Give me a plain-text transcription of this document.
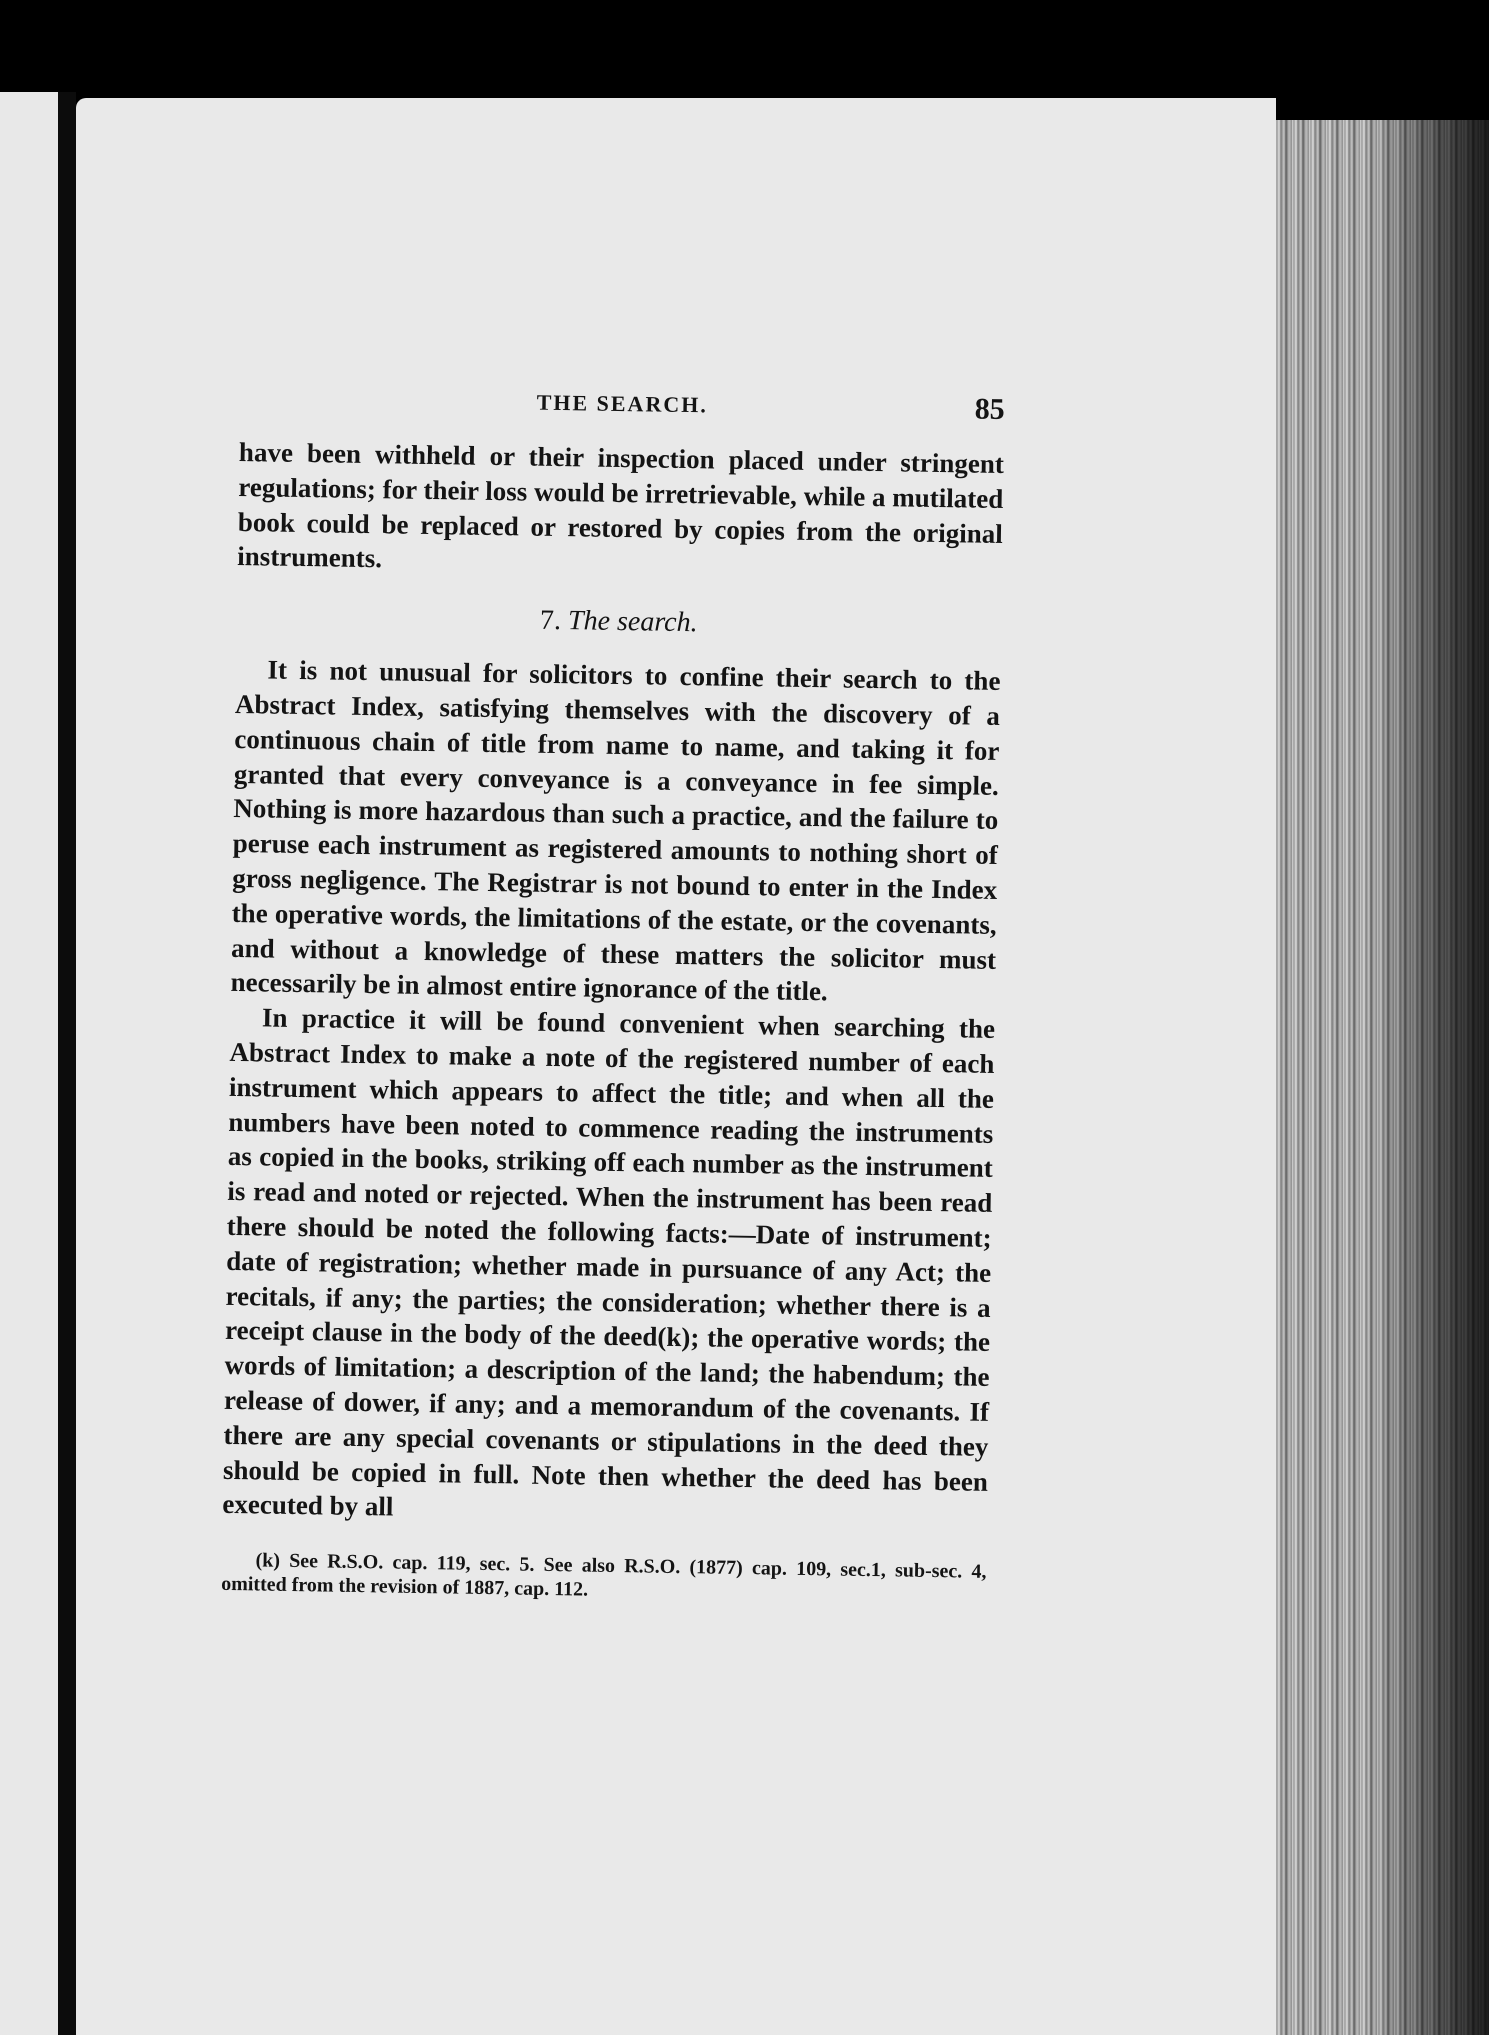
THE SEARCH.	85

have been withheld or their inspection placed under stringent regulations; for their loss would be irretrievable, while a mutilated book could be replaced or restored by copies from the original instruments.

7. The search.

It is not unusual for solicitors to confine their search to the Abstract Index, satisfying themselves with the discovery of a continuous chain of title from name to name, and taking it for granted that every conveyance is a conveyance in fee simple. Nothing is more hazardous than such a practice, and the failure to peruse each instrument as registered amounts to nothing short of gross negligence. The Registrar is not bound to enter in the Index the operative words, the limitations of the estate, or the covenants, and without a knowledge of these matters the solicitor must necessarily be in almost entire ignorance of the title.

In practice it will be found convenient when searching the Abstract Index to make a note of the registered number of each instrument which appears to affect the title; and when all the numbers have been noted to commence reading the instruments as copied in the books, striking off each number as the instrument is read and noted or rejected. When the instrument has been read there should be noted the following facts:—Date of instrument; date of registration; whether made in pursuance of any Act; the recitals, if any; the parties; the consideration; whether there is a receipt clause in the body of the deed(k); the operative words; the words of limitation; a description of the land; the habendum; the release of dower, if any; and a memorandum of the covenants. If there are any special covenants or stipulations in the deed they should be copied in full. Note then whether the deed has been executed by all

(k) See R.S.O. cap. 119, sec. 5. See also R.S.O. (1877) cap. 109, sec.1, sub-sec. 4, omitted from the revision of 1887, cap. 112.
